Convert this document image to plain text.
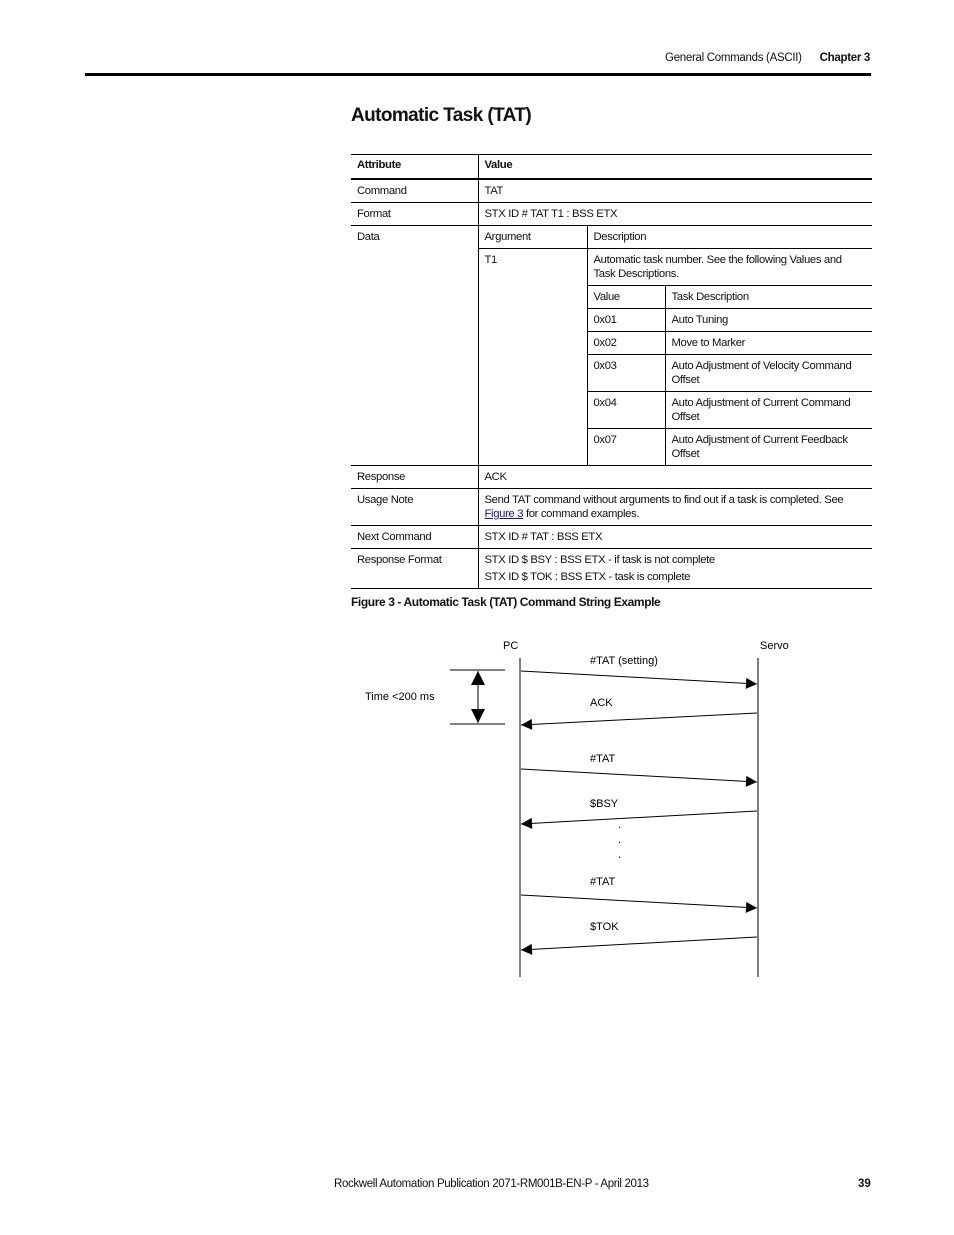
General Commands (ASCII) Chapter 3
Automatic Task (TAT)
Attribute	Value		
Command	TAT		
Format	STX ID # TAT T1 : BSS ETX		
Data	Argument	Description	
	T1	Automatic task number. See the following Values and Task Descriptions.	
		Value	Task Description
		0x01	Auto Tuning
		0x02	Move to Marker
		0x03	Auto Adjustment of Velocity Command Offset
		0x04	Auto Adjustment of Current Command Offset
		0x07	Auto Adjustment of Current Feedback Offset
Response	ACK		
Usage Note	Send TAT command without arguments to find out if a task is completed. See Figure 3 for command examples.		
Next Command	STX ID # TAT : BSS ETX		
Response Format	STX ID $ BSY : BSS ETX - if task is not complete
STX ID $ TOK : BSS ETX - task is complete		
Figure 3 - Automatic Task (TAT) Command String Example
PC	Servo
Time <200 ms
#TAT (setting)
ACK
#TAT
$BSY
.
.
.
#TAT
$TOK
Rockwell Automation Publication 2071-RM001B-EN-P - April 2013	39
